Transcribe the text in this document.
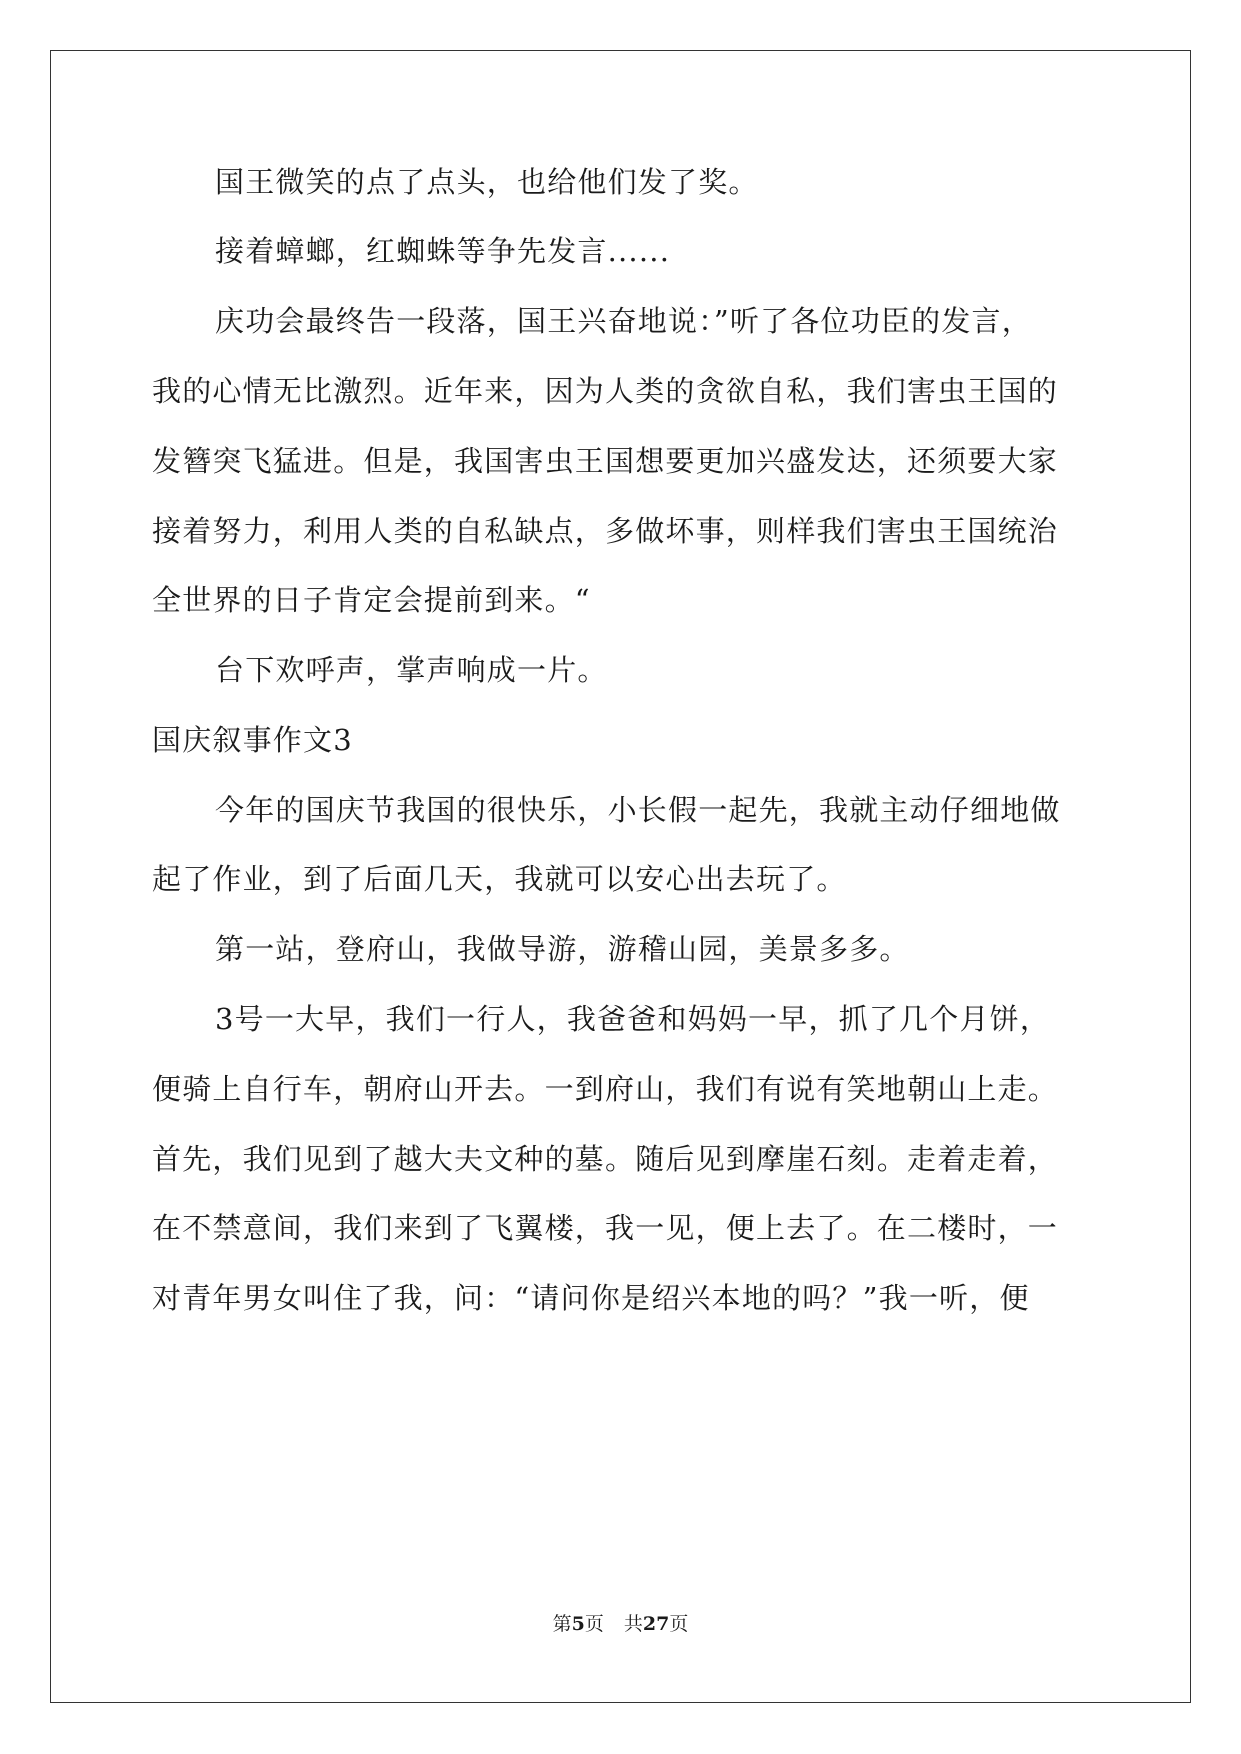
国王微笑的点了点头，也给他们发了奖。
接着蟑螂，红蜘蛛等争先发言......
庆功会最终告一段落，国王兴奋地说：”听了各位功臣的发言，
我的心情无比激烈。近年来，因为人类的贪欲自私，我们害虫王国的
发簪突飞猛进。但是，我国害虫王国想要更加兴盛发达，还须要大家
接着努力，利用人类的自私缺点，多做坏事，则样我们害虫王国统治
全世界的日子肯定会提前到来。“
台下欢呼声，掌声响成一片。
国庆叙事作文3
今年的国庆节我国的很快乐，小长假一起先，我就主动仔细地做
起了作业，到了后面几天，我就可以安心出去玩了。
第一站，登府山，我做导游，游稽山园，美景多多。
3号一大早，我们一行人，我爸爸和妈妈一早，抓了几个月饼，
便骑上自行车，朝府山开去。一到府山，我们有说有笑地朝山上走。
首先，我们见到了越大夫文种的墓。随后见到摩崖石刻。走着走着，
在不禁意间，我们来到了飞翼楼，我一见，便上去了。在二楼时，一
对青年男女叫住了我，问：“请问你是绍兴本地的吗？”我一听，便
第5页 共27页
